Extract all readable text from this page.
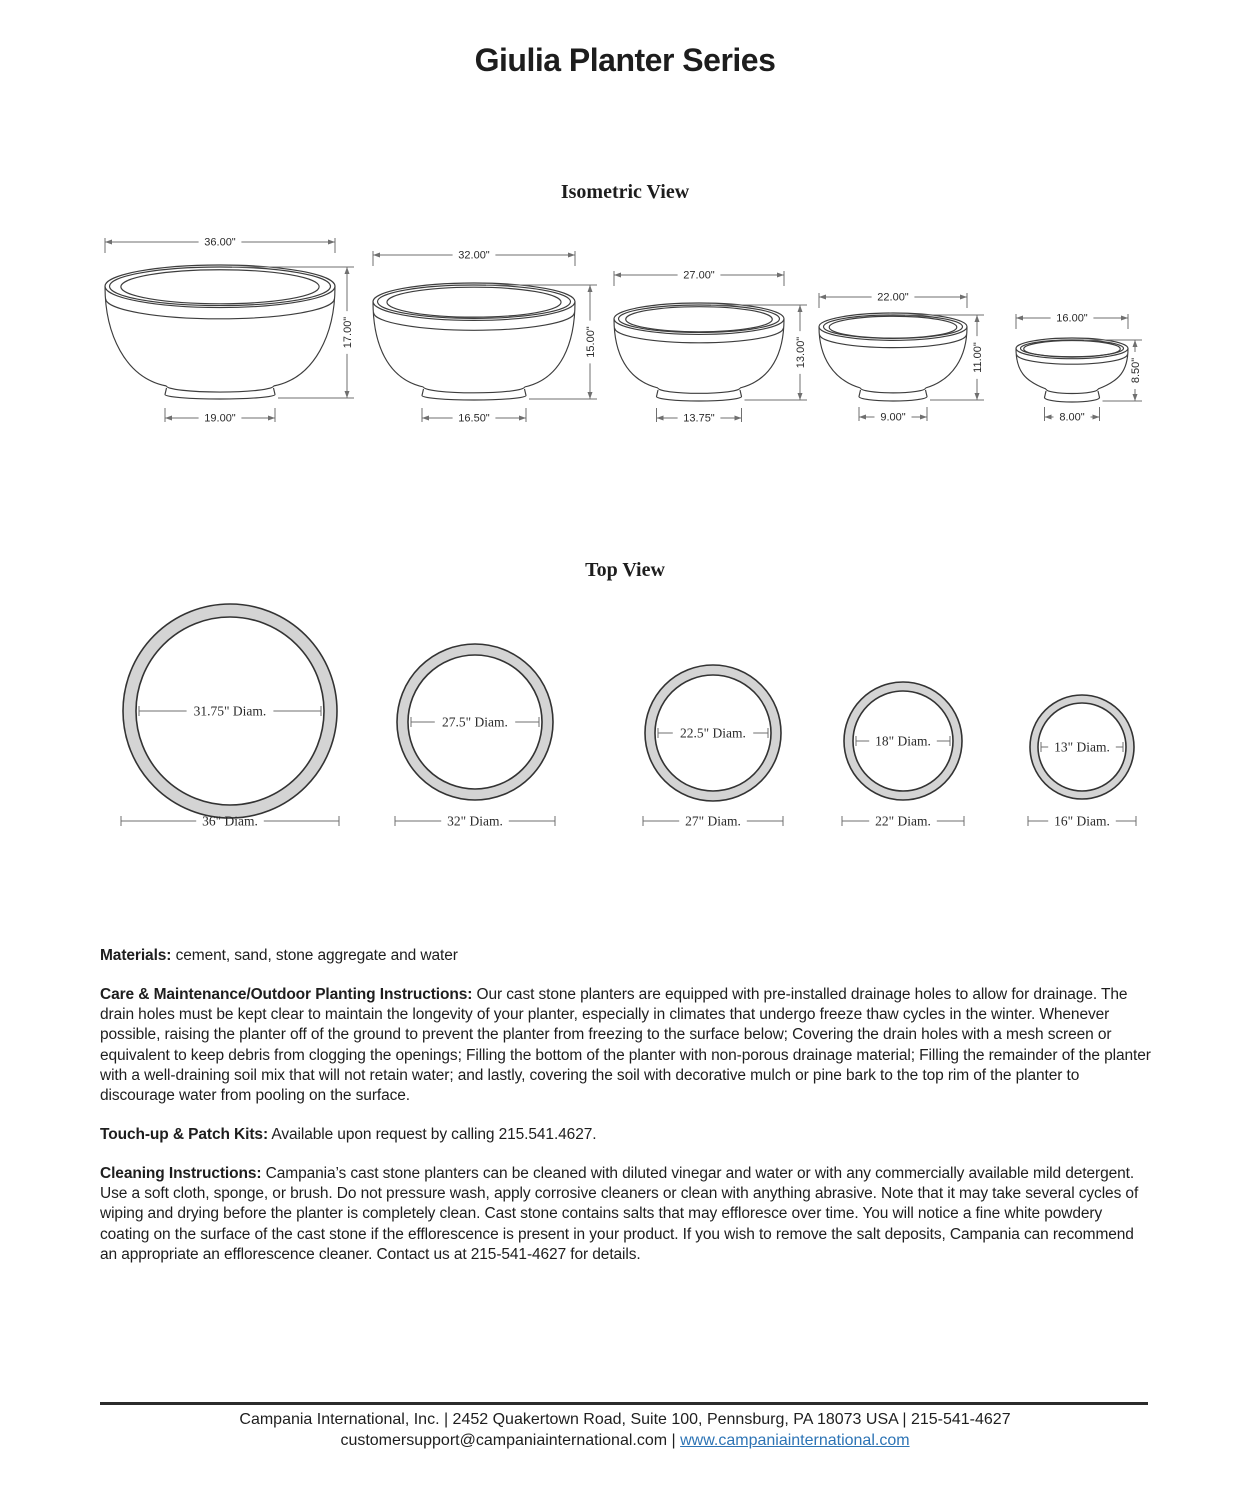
36.00"
19.00"
17.00"
32.00"
16.50"
15.00"
27.00"
13.75"
13.00"
22.00"
9.00"
11.00"
16.00"
8.00"
8.50"
31.75" Diam.
36" Diam.
27.5" Diam.
32" Diam.
22.5" Diam.
27" Diam.
18" Diam.
22" Diam.
13" Diam.
16" Diam.
Giulia Planter Series
Isometric View
Top View

Materials: cement, sand, stone aggregate and water

Care & Maintenance/Outdoor Planting Instructions: Our cast stone planters are equipped with pre-installed drainage holes to allow for drainage. The drain holes must be kept clear to maintain the longevity of your planter, especially in climates that undergo freeze thaw cycles in the winter. Whenever possible, raising the planter off of the ground to prevent the planter from freezing to the surface below; Covering the drain holes with a mesh screen or equivalent to keep debris from clogging the openings; Filling the bottom of the planter with non-porous drainage material; Filling the remainder of the planter with a well-draining soil mix that will not retain water; and lastly, covering the soil with decorative mulch or pine bark to the top rim of the planter to discourage water from pooling on the surface.

Touch-up & Patch Kits: Available upon request by calling 215.541.4627.

Cleaning Instructions: Campania’s cast stone planters can be cleaned with diluted vinegar and water or with any commercially available mild detergent. Use a soft cloth, sponge, or brush. Do not pressure wash, apply corrosive cleaners or clean with anything abrasive. Note that it may take several cycles of wiping and drying before the planter is completely clean. Cast stone contains salts that may effloresce over time. You will notice a fine white powdery coating on the surface of the cast stone if the efflorescence is present in your product. If you wish to remove the salt deposits, Campania can recommend an appropriate an efflorescence cleaner. Contact us at 215-541-4627 for details.

Campania International, Inc. | 2452 Quakertown Road, Suite 100, Pennsburg, PA 18073 USA | 215-541-4627
customersupport@campaniainternational.com | www.campaniainternational.com
